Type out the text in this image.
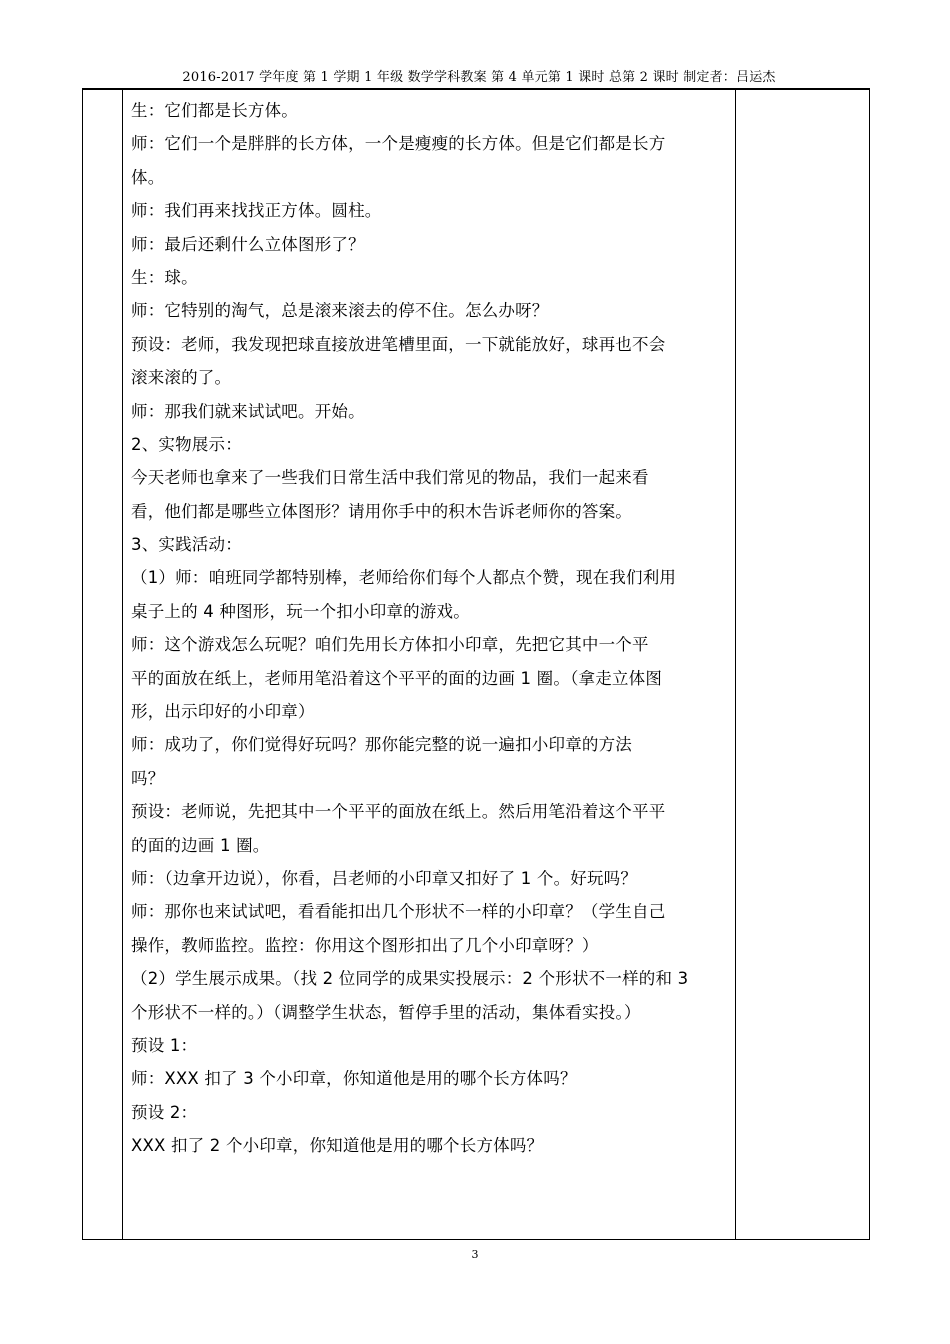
2016-2017 学年度 第 1 学期 1 年级 数学学科教案 第 4 单元第 1 课时 总第 2 课时 制定者：吕运杰
生：它们都是长方体。
师：它们一个是胖胖的长方体，一个是瘦瘦的长方体。但是它们都是长方
体。
师：我们再来找找正方体。圆柱。
师：最后还剩什么立体图形了？
生：球。
师：它特别的淘气，总是滚来滚去的停不住。怎么办呀？
预设：老师，我发现把球直接放进笔槽里面，一下就能放好，球再也不会
滚来滚的了。
师：那我们就来试试吧。开始。
2、实物展示：
今天老师也拿来了一些我们日常生活中我们常见的物品，我们一起来看
看，他们都是哪些立体图形？请用你手中的积木告诉老师你的答案。
3、实践活动：
（1）师：咱班同学都特别棒，老师给你们每个人都点个赞，现在我们利用
桌子上的 4 种图形，玩一个扣小印章的游戏。
师：这个游戏怎么玩呢？咱们先用长方体扣小印章，先把它其中一个平
平的面放在纸上，老师用笔沿着这个平平的面的边画 1 圈。（拿走立体图
形，出示印好的小印章）
师：成功了，你们觉得好玩吗？那你能完整的说一遍扣小印章的方法
吗？
预设：老师说，先把其中一个平平的面放在纸上。然后用笔沿着这个平平
的面的边画 1 圈。
师：（边拿开边说），你看，吕老师的小印章又扣好了 1 个。好玩吗？
师：那你也来试试吧，看看能扣出几个形状不一样的小印章？（学生自己
操作，教师监控。监控：你用这个图形扣出了几个小印章呀？）
（2）学生展示成果。（找 2 位同学的成果实投展示：2 个形状不一样的和 3
个形状不一样的。）（调整学生状态，暂停手里的活动，集体看实投。）
预设 1：
师：XXX 扣了 3 个小印章，你知道他是用的哪个长方体吗？
预设 2：
XXX 扣了 2 个小印章，你知道他是用的哪个长方体吗？
3
